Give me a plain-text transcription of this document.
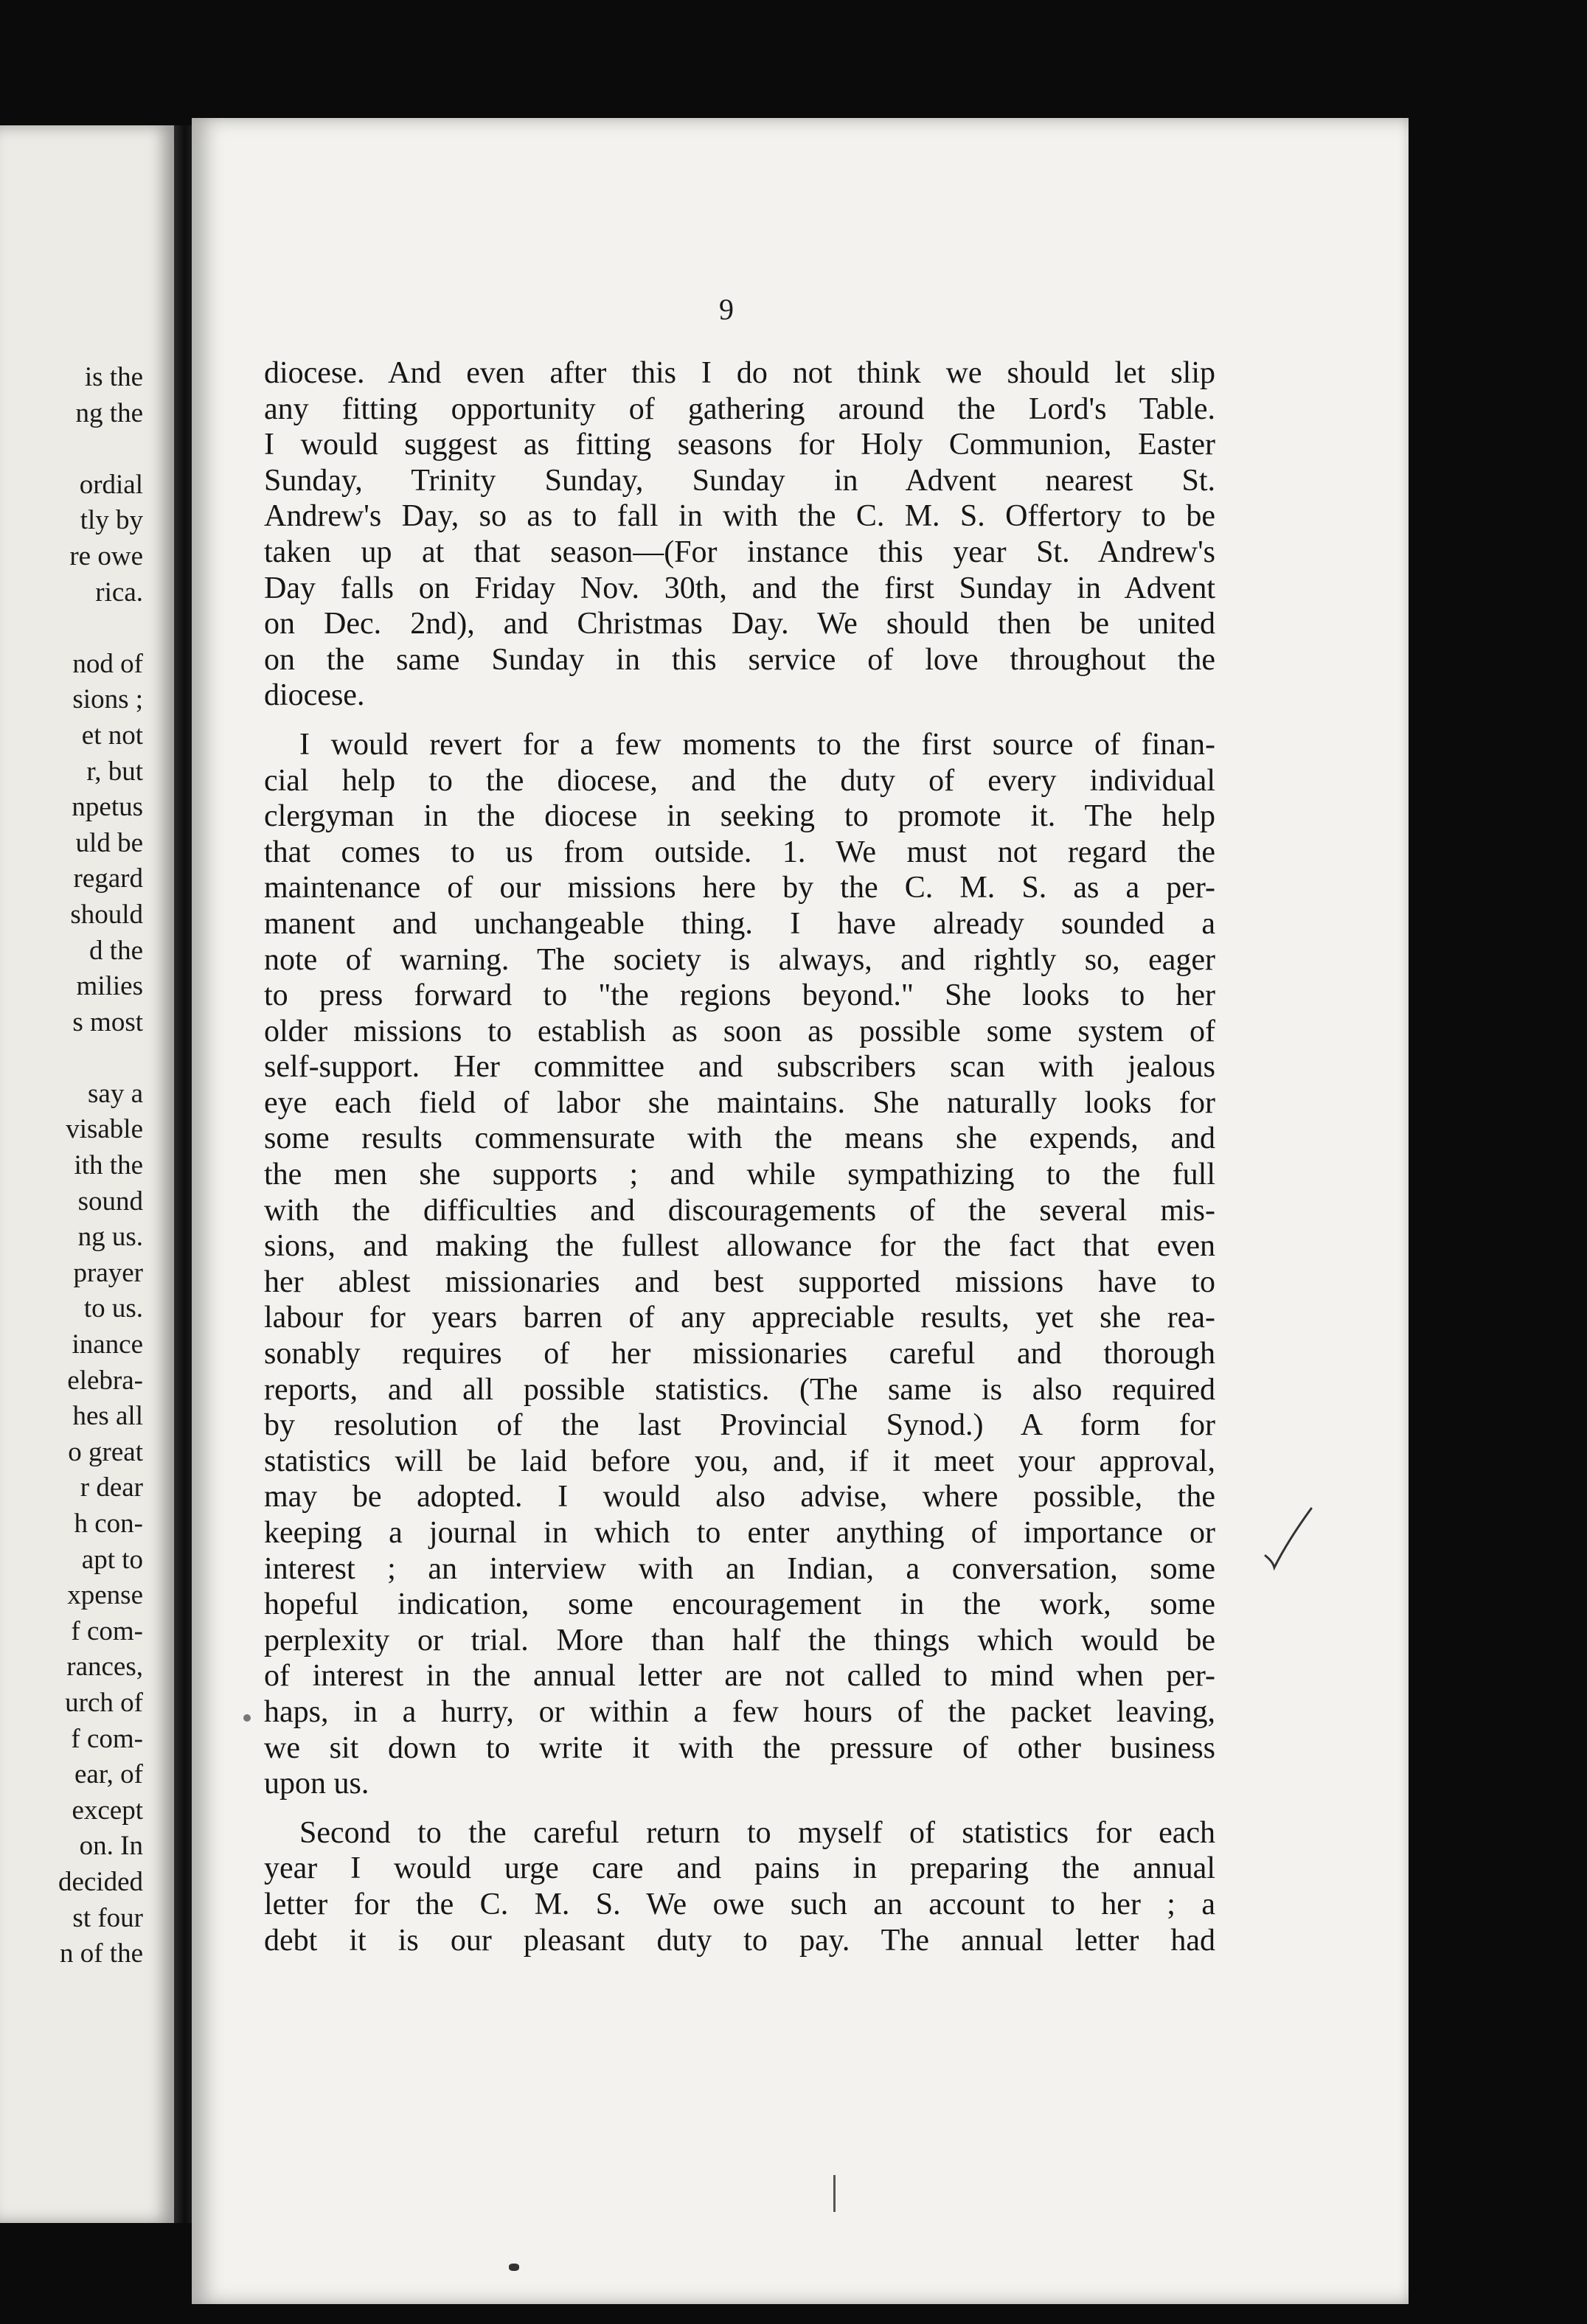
is the
ng the
ordial
tly by
re owe
rica.
nod of
sions ;
et not
r, but
npetus
uld be
regard
should
d the
milies
s most
say a
visable
ith the
sound
ng us.
prayer
to us.
inance
elebra-
hes all
o great
r dear
h con-
apt to
xpense
f com-
rances,
urch of
f com-
ear, of
except
on. In
decided
st four
n of the
9
diocese. And even after this I do not think we should let slip
any fitting opportunity of gathering around the Lord's Table.
I would suggest as fitting seasons for Holy Communion, Easter
Sunday, Trinity Sunday, Sunday in Advent nearest St.
Andrew's Day, so as to fall in with the C. M. S. Offertory to be
taken up at that season—(For instance this year St. Andrew's
Day falls on Friday Nov. 30th, and the first Sunday in Advent
on Dec. 2nd), and Christmas Day. We should then be united
on the same Sunday in this service of love throughout the
diocese.
I would revert for a few moments to the first source of finan-
cial help to the diocese, and the duty of every individual
clergyman in the diocese in seeking to promote it. The help
that comes to us from outside. 1. We must not regard the
maintenance of our missions here by the C. M. S. as a per-
manent and unchangeable thing. I have already sounded a
note of warning. The society is always, and rightly so, eager
to press forward to "the regions beyond." She looks to her
older missions to establish as soon as possible some system of
self-support. Her committee and subscribers scan with jealous
eye each field of labor she maintains. She naturally looks for
some results commensurate with the means she expends, and
the men she supports ; and while sympathizing to the full
with the difficulties and discouragements of the several mis-
sions, and making the fullest allowance for the fact that even
her ablest missionaries and best supported missions have to
labour for years barren of any appreciable results, yet she rea-
sonably requires of her missionaries careful and thorough
reports, and all possible statistics. (The same is also required
by resolution of the last Provincial Synod.) A form for
statistics will be laid before you, and, if it meet your approval,
may be adopted. I would also advise, where possible, the
keeping a journal in which to enter anything of importance or
interest ; an interview with an Indian, a conversation, some
hopeful indication, some encouragement in the work, some
perplexity or trial. More than half the things which would be
of interest in the annual letter are not called to mind when per-
haps, in a hurry, or within a few hours of the packet leaving,
we sit down to write it with the pressure of other business
upon us.
Second to the careful return to myself of statistics for each
year I would urge care and pains in preparing the annual
letter for the C. M. S. We owe such an account to her ; a
debt it is our pleasant duty to pay. The annual letter had
